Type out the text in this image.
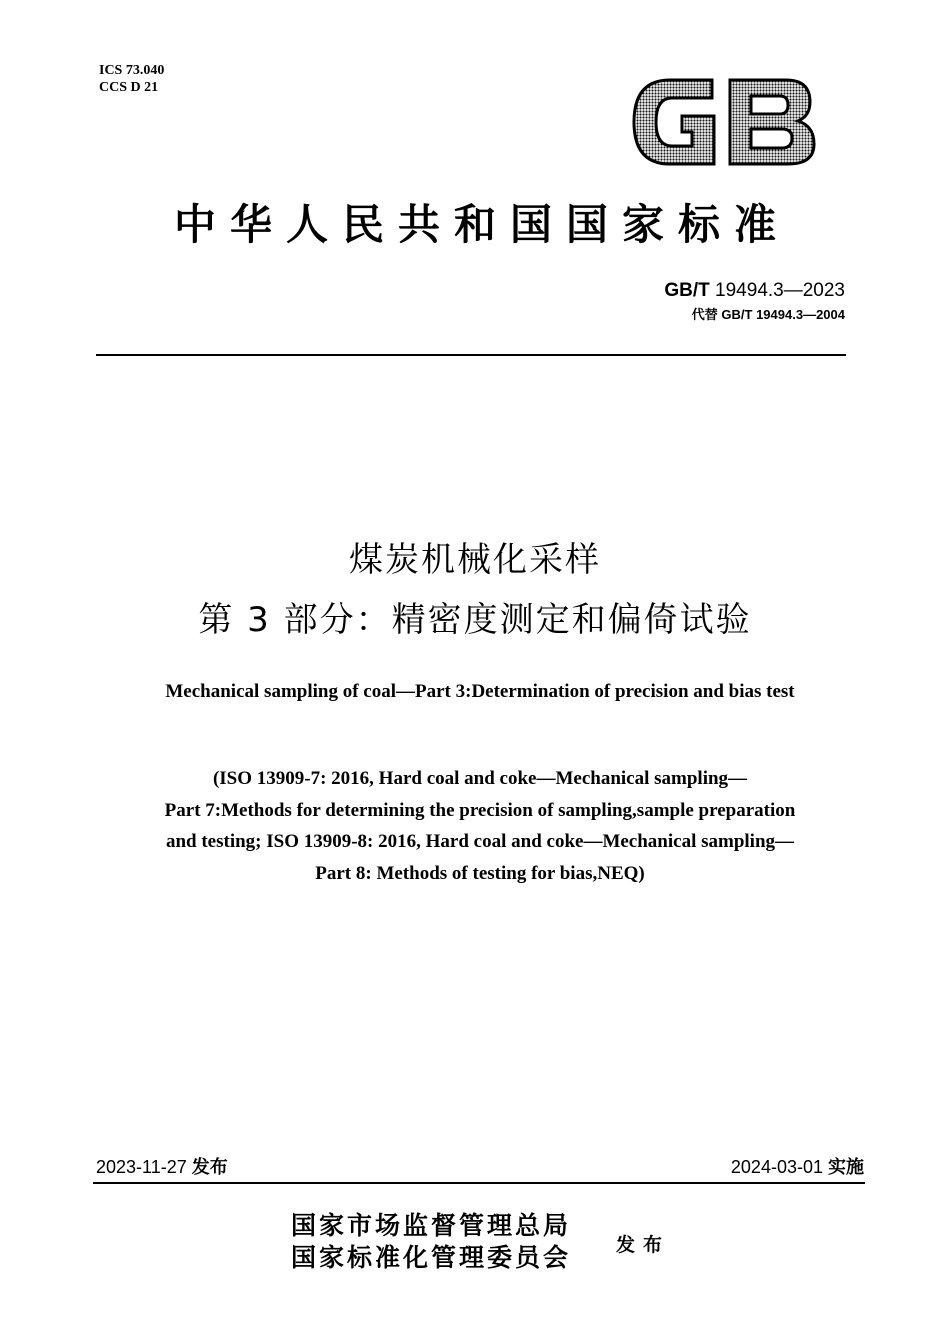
ICS 73.040
CCS D 21
中华人民共和国国家标准
GB/T 19494.3—2023
代替 GB/T 19494.3—2004
煤炭机械化采样
第 3 部分：精密度测定和偏倚试验
Mechanical sampling of coal—Part 3:Determination of precision and bias test
(ISO 13909-7: 2016, Hard coal and coke—Mechanical sampling—
Part 7:Methods for determining the precision of sampling,sample preparation
and testing; ISO 13909-8: 2016, Hard coal and coke—Mechanical sampling—
Part 8: Methods of testing for bias,NEQ)
2023-11-27 发布	2024-03-01 实施
国家市场监督管理总局
国家标准化管理委员会 发布
